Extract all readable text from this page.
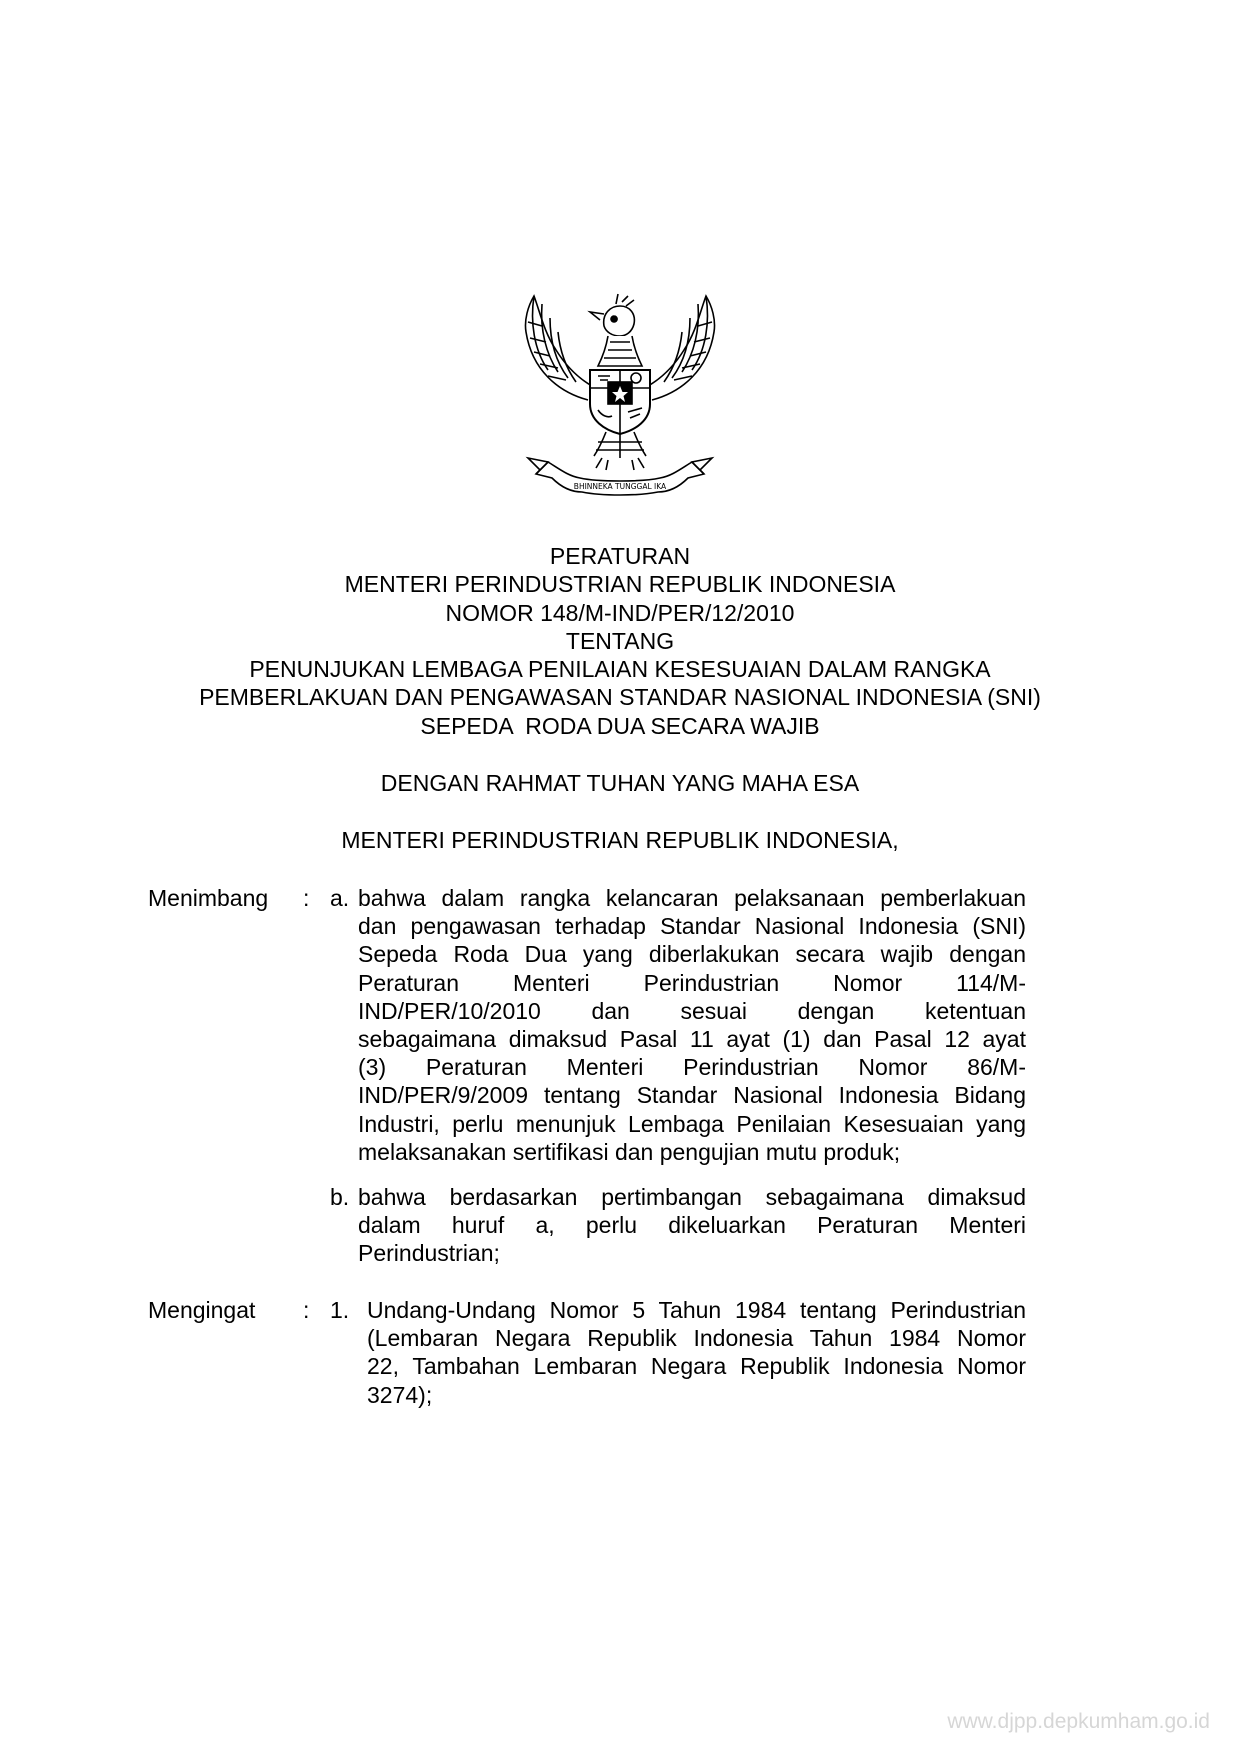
BHINNEKA TUNGGAL IKA
PERATURAN
MENTERI PERINDUSTRIAN REPUBLIK INDONESIA
NOMOR 148/M-IND/PER/12/2010
TENTANG
PENUNJUKAN LEMBAGA PENILAIAN KESESUAIAN DALAM RANGKA
PEMBERLAKUAN DAN PENGAWASAN STANDAR NASIONAL INDONESIA (SNI)
SEPEDA  RODA DUA SECARA WAJIB
DENGAN RAHMAT TUHAN YANG MAHA ESA
MENTERI PERINDUSTRIAN REPUBLIK INDONESIA,
Menimbang : a. bahwa dalam rangka kelancaran pelaksanaan pemberlakuan
dan pengawasan terhadap Standar Nasional Indonesia (SNI)
Sepeda Roda Dua yang diberlakukan secara wajib dengan
Peraturan Menteri Perindustrian Nomor 114/M-
IND/PER/10/2010 dan sesuai dengan ketentuan
sebagaimana dimaksud Pasal 11 ayat (1) dan Pasal 12 ayat
(3) Peraturan Menteri Perindustrian Nomor 86/M-
IND/PER/9/2009 tentang Standar Nasional Indonesia Bidang
Industri, perlu menunjuk Lembaga Penilaian Kesesuaian yang
melaksanakan sertifikasi dan pengujian mutu produk;
b. bahwa berdasarkan pertimbangan sebagaimana dimaksud
dalam huruf a, perlu dikeluarkan Peraturan Menteri
Perindustrian;
Mengingat : 1. Undang-Undang Nomor 5 Tahun 1984 tentang Perindustrian
(Lembaran Negara Republik Indonesia Tahun 1984 Nomor
22, Tambahan Lembaran Negara Republik Indonesia Nomor
3274);
www.djpp.depkumham.go.id
